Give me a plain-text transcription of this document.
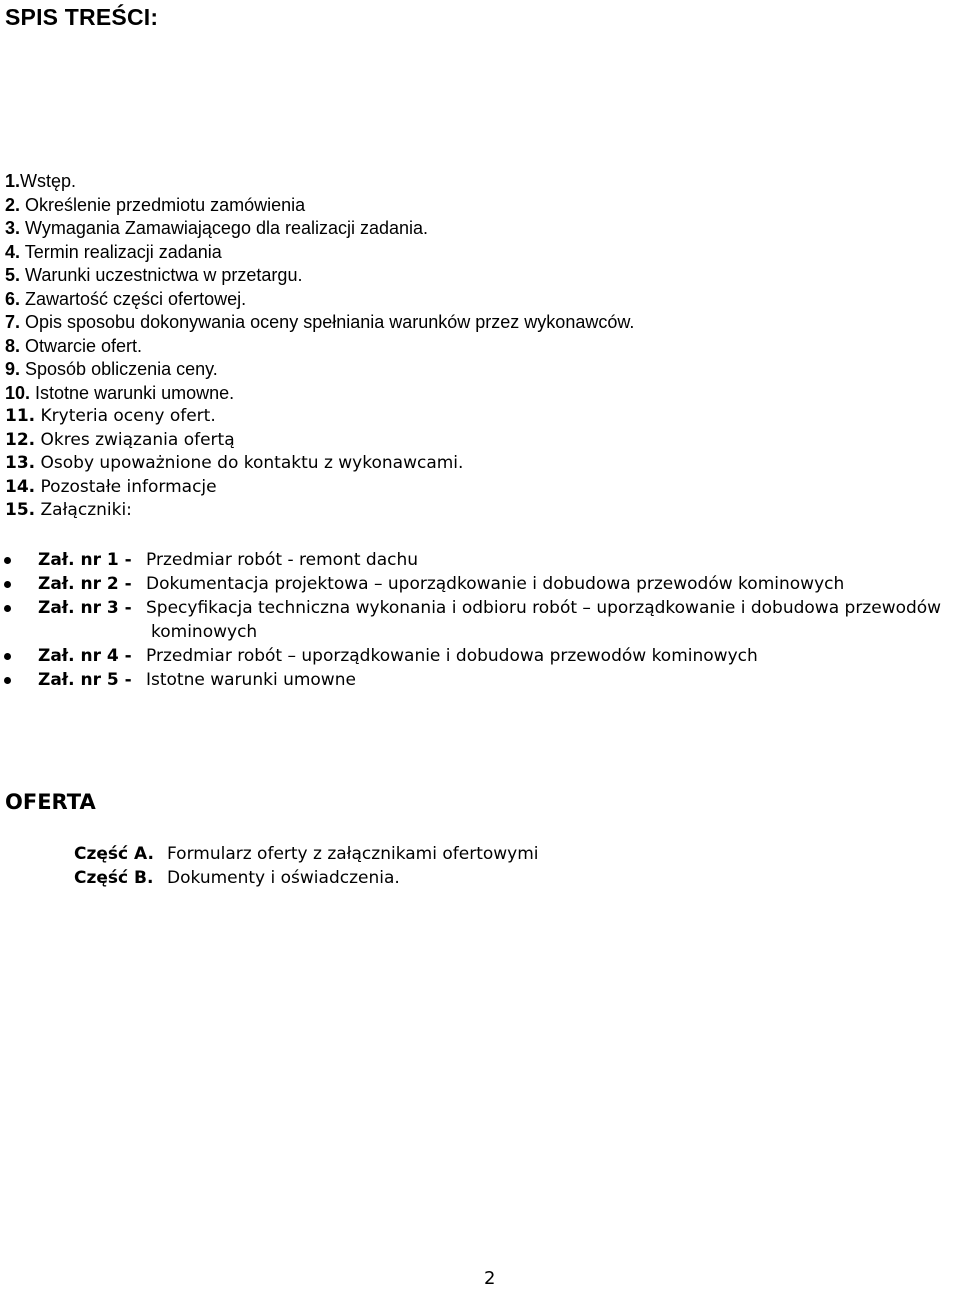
SPIS TREŚCI:
1.Wstęp.
2. Określenie przedmiotu zamówienia
3. Wymagania Zamawiającego dla realizacji zadania.
4. Termin realizacji zadania
5. Warunki uczestnictwa w przetargu.
6. Zawartość części ofertowej.
7. Opis sposobu dokonywania oceny spełniania warunków przez wykonawców.
8. Otwarcie ofert.
9. Sposób obliczenia ceny.
10. Istotne warunki umowne.
11. Kryteria oceny ofert.
12. Okres związania ofertą
13. Osoby upoważnione do kontaktu z wykonawcami.
14. Pozostałe informacje
15. Załączniki:
Zał. nr 1 - Przedmiar robót - remont dachu
Zał. nr 2 - Dokumentacja projektowa – uporządkowanie i dobudowa przewodów kominowych
Zał. nr 3 - Specyfikacja techniczna wykonania i odbioru robót – uporządkowanie i dobudowa przewodów
kominowych
Zał. nr 4 - Przedmiar robót – uporządkowanie i dobudowa przewodów kominowych
Zał. nr 5 - Istotne warunki umowne
OFERTA
Część A. Formularz oferty z załącznikami ofertowymi
Część B. Dokumenty i oświadczenia.
2
